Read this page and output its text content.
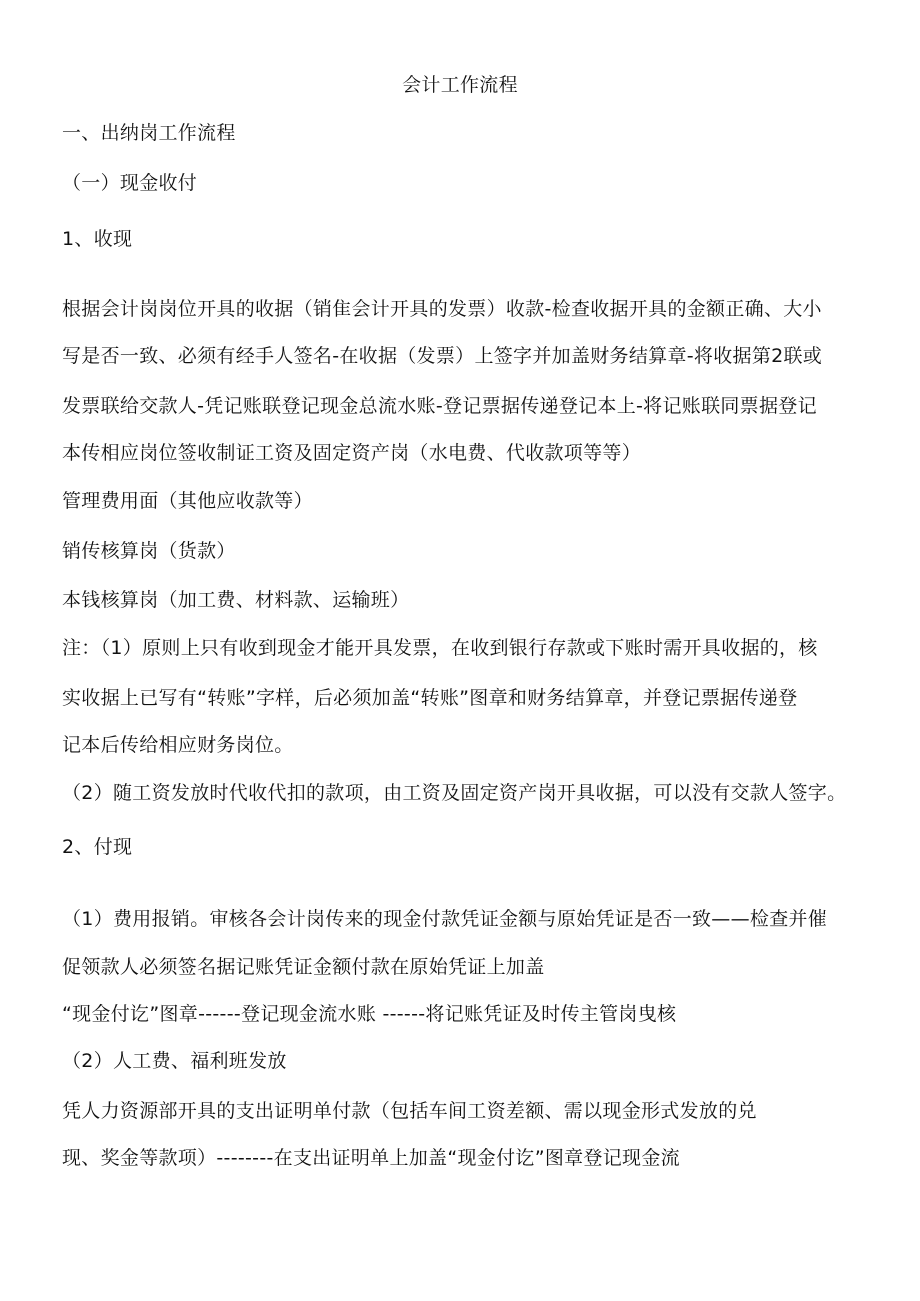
会计工作流程

一、出纳岗工作流程

（一）现金收付

1、收现

根据会计岗岗位开具的收据（销隹会计开具的发票）收款-检查收据开具的金额正确、大小

写是否一致、必须有经手人签名-在收据（发票）上签字并加盖财务结算章-将收据第2联或

发票联给交款人-凭记账联登记现金总流水账-登记票据传递登记本上-将记账联同票据登记

本传相应岗位签收制证工资及固定资产岗（水电费、代收款项等等）

管理费用面（其他应收款等）

销传核算岗（货款）

本钱核算岗（加工费、材料款、运输班）

注：（1）原则上只有收到现金才能开具发票，在收到银行存款或下账时需开具收据的，核

实收据上已写有“转账”字样，后必须加盖“转账”图章和财务结算章，并登记票据传递登

记本后传给相应财务岗位。

（2）随工资发放时代收代扣的款项，由工资及固定资产岗开具收据，可以没有交款人签字。

2、付现

（1）费用报销。审核各会计岗传来的现金付款凭证金额与原始凭证是否一致——检查并催

促领款人必须签名据记账凭证金额付款在原始凭证上加盖

“现金付讫”图章------登记现金流水账 ------将记账凭证及时传主管岗曳核

（2）人工费、福利班发放

凭人力资源部开具的支出证明单付款（包括车间工资差额、需以现金形式发放的兑

现、奖金等款项）--------在支出证明单上加盖“现金付讫”图章登记现金流
